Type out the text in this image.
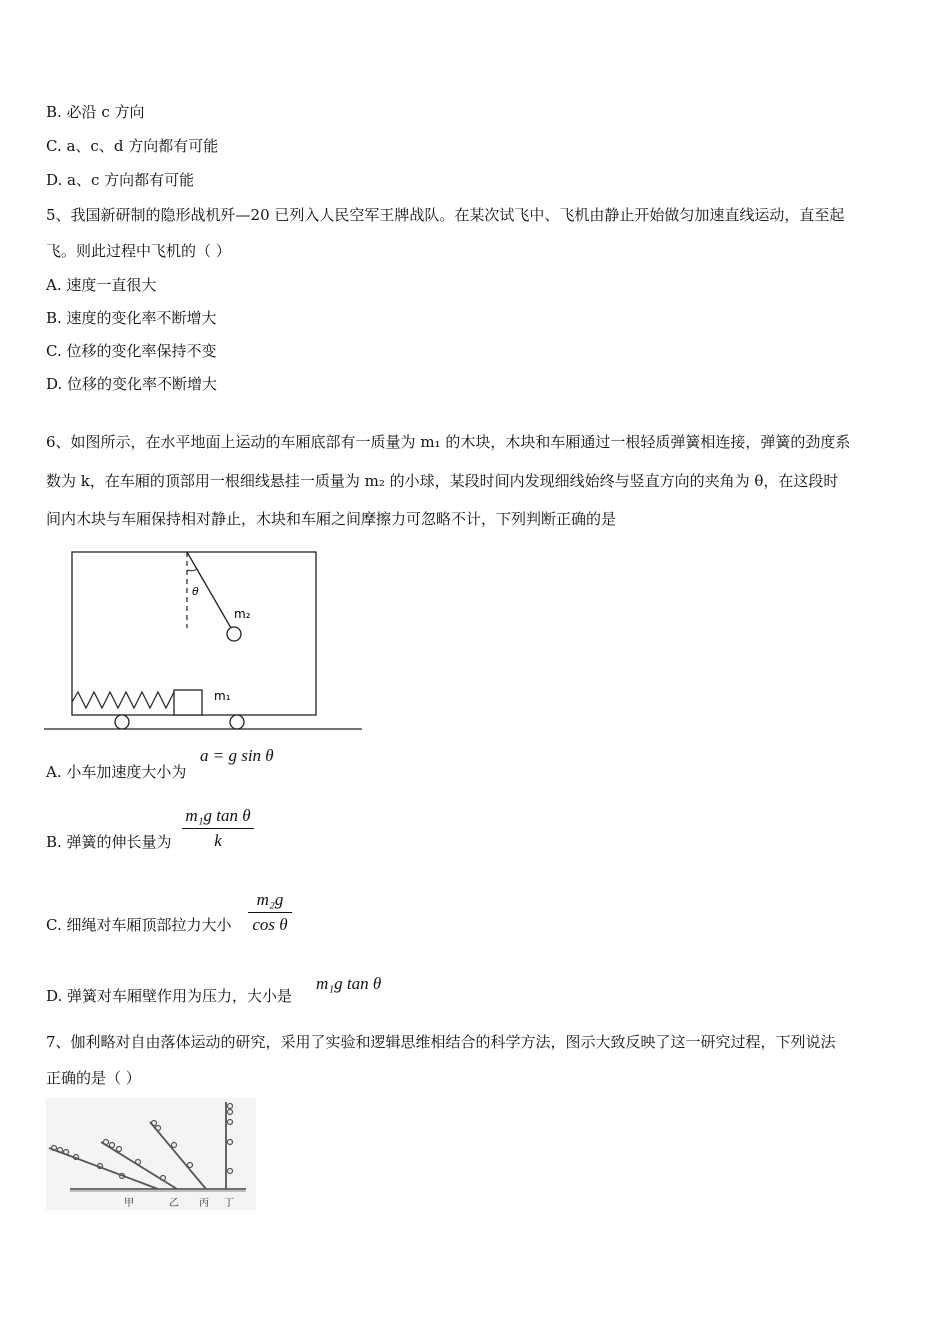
B. 必沿 c 方向
C. a、c、d 方向都有可能
D. a、c 方向都有可能
5、我国新研制的隐形战机歼—20 已列入人民空军王牌战队。在某次试飞中、飞机由静止开始做匀加速直线运动，直至起
飞。则此过程中飞机的（ ）
A. 速度一直很大
B. 速度的变化率不断增大
C. 位移的变化率保持不变
D. 位移的变化率不断增大
6、如图所示，在水平地面上运动的车厢底部有一质量为 m₁ 的木块，木块和车厢通过一根轻质弹簧相连接，弹簧的劲度系
数为 k，在车厢的顶部用一根细线悬挂一质量为 m₂ 的小球，某段时间内发现细线始终与竖直方向的夹角为 θ，在这段时
间内木块与车厢保持相对静止，木块和车厢之间摩擦力可忽略不计，下列判断正确的是
θ
m₂
m₁
A. 小车加速度大小为
a = g sin θ
B. 弹簧的伸长量为 $\frac{\text{m₁g tan θ}}{k}$
C. 细绳对车厢顶部拉力大小 $\frac{\text{m₂g}}{\text{cos θ}}$
D. 弹簧对车厢壁作用为压力，大小是
m₁g tan θ
7、伽利略对自由落体运动的研究，采用了实验和逻辑思维相结合的科学方法，图示大致反映了这一研究过程，下列说法
正确的是（ ）
甲	乙 丙 丁
